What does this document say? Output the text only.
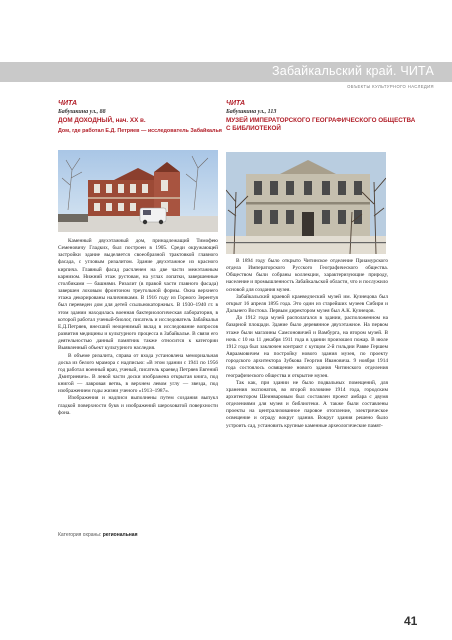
Забайкальский край. ЧИТА
ОБЪЕКТЫ КУЛЬТУРНОГО НАСЛЕДИЯ
ЧИТА
Бабушкина ул., 88
ДОМ ДОХОДНЫЙ, нач. XX в.
Дом, где работал Е.Д. Петряев — исследователь Забайкалья
ЧИТА
Бабушкина ул., 113
МУЗЕЙ ИМПЕРАТОРСКОГО ГЕОГРАФИЧЕСКОГО ОБЩЕСТВА С БИБЛИОТЕКОЙ

Каменный двухэтажный дом, принадлежащий Тимофею Семеновичу Гладких, был построен в 1905. Среди окружающей застройки здание выделяется своеобразной трактовкой главного фасада, с угловым ризалитом. Здание двухэтажное из красного кирпича. Главный фасад расчленен на две части межэтажным карнизом. Нижний этаж рустован, на углах лопатки, завершенные столбиками — башнями. Ризалит (в правой части главного фасада) завершен лоховым фронтоном треугольной формы. Окна верхнего этажа декорированы наличниками. В 1916 году из Горного Зерентуя был переведен дом для детей ссыльнокаторжных. В 1930–1940 гг. в этом здании находилась военная бактериологическая лаборатория, в которой работал ученый-биолог, писатель и исследователь Забайкалья Е.Д.Петряев, внесший неоценимый вклад в исследование вопросов развития медицины и культурного процесса в Забайкалье. В связи его деятельностью данный памятник также относится к категории Выявленный объект культурного наследия.

В объеме ризалита, справа от входа установлена мемориальная доска из белого мрамора с надписью: «В этом здании с 1941 по 1956 год работал военный врач, ученый, писатель краевед Петряев Евгений Дмитриевич». В левой части доски изображена открытая книга, под книгой — лавровая ветвь, в верхнем левом углу — звезда, под изображением годы жизни ученого «1913–1987».

Изображения и надписи выполнены путем создания выпукл гладкой поверхности букв и изображений шероховатой поверхности фона.

В 1894 году было открыто Читинское отделение Приамурского отдела Императорского Русского Географического общества. Обществом были собраны коллекции, характеризующие природу, население и промышленность Забайкальской области, что и послужило основой для создания музея.

Забайкальский краевой краеведческий музей им. Кузнецова был открыт 16 апреля 1895 года. Это один из старейших музеев Сибири и Дальнего Востока. Первым директором музея был А.К. Кузнецов.

До 1912 года музей располагался в здании, расположенном на базарной площади. Здание было деревянное двухэтажное. На первом этаже были магазины Самсоновичей и Вамбурга, на втором музей. В ночь с 10 на 11 декабря 1911 года в здании произошел пожар. В июле 1912 года был заключен контракт с купцом 2-й гильдии Равве Гершем Авраамовичем на постройку нового здания музея, по проекту городского архитектора Зубкова Георгия Ивановича. 9 ноября 1914 года состоялось освящение нового здания Читинского отделения географического общества и открытие музея.

Так как, при здании не было подвальных помещений, для хранения экспонатов, во второй половине 1914 года, городским архитектором Шеинваровым был составлен проект амбара с двумя отделениями для музея и библиотеки. А также были составлены проекты на централизованное паровое отопление, электрическое освещение и ограду вокруг здания. Вокруг здания решено было устроить сад, установить крупные каменные археологические памят-

Категория охраны: региональная
41
